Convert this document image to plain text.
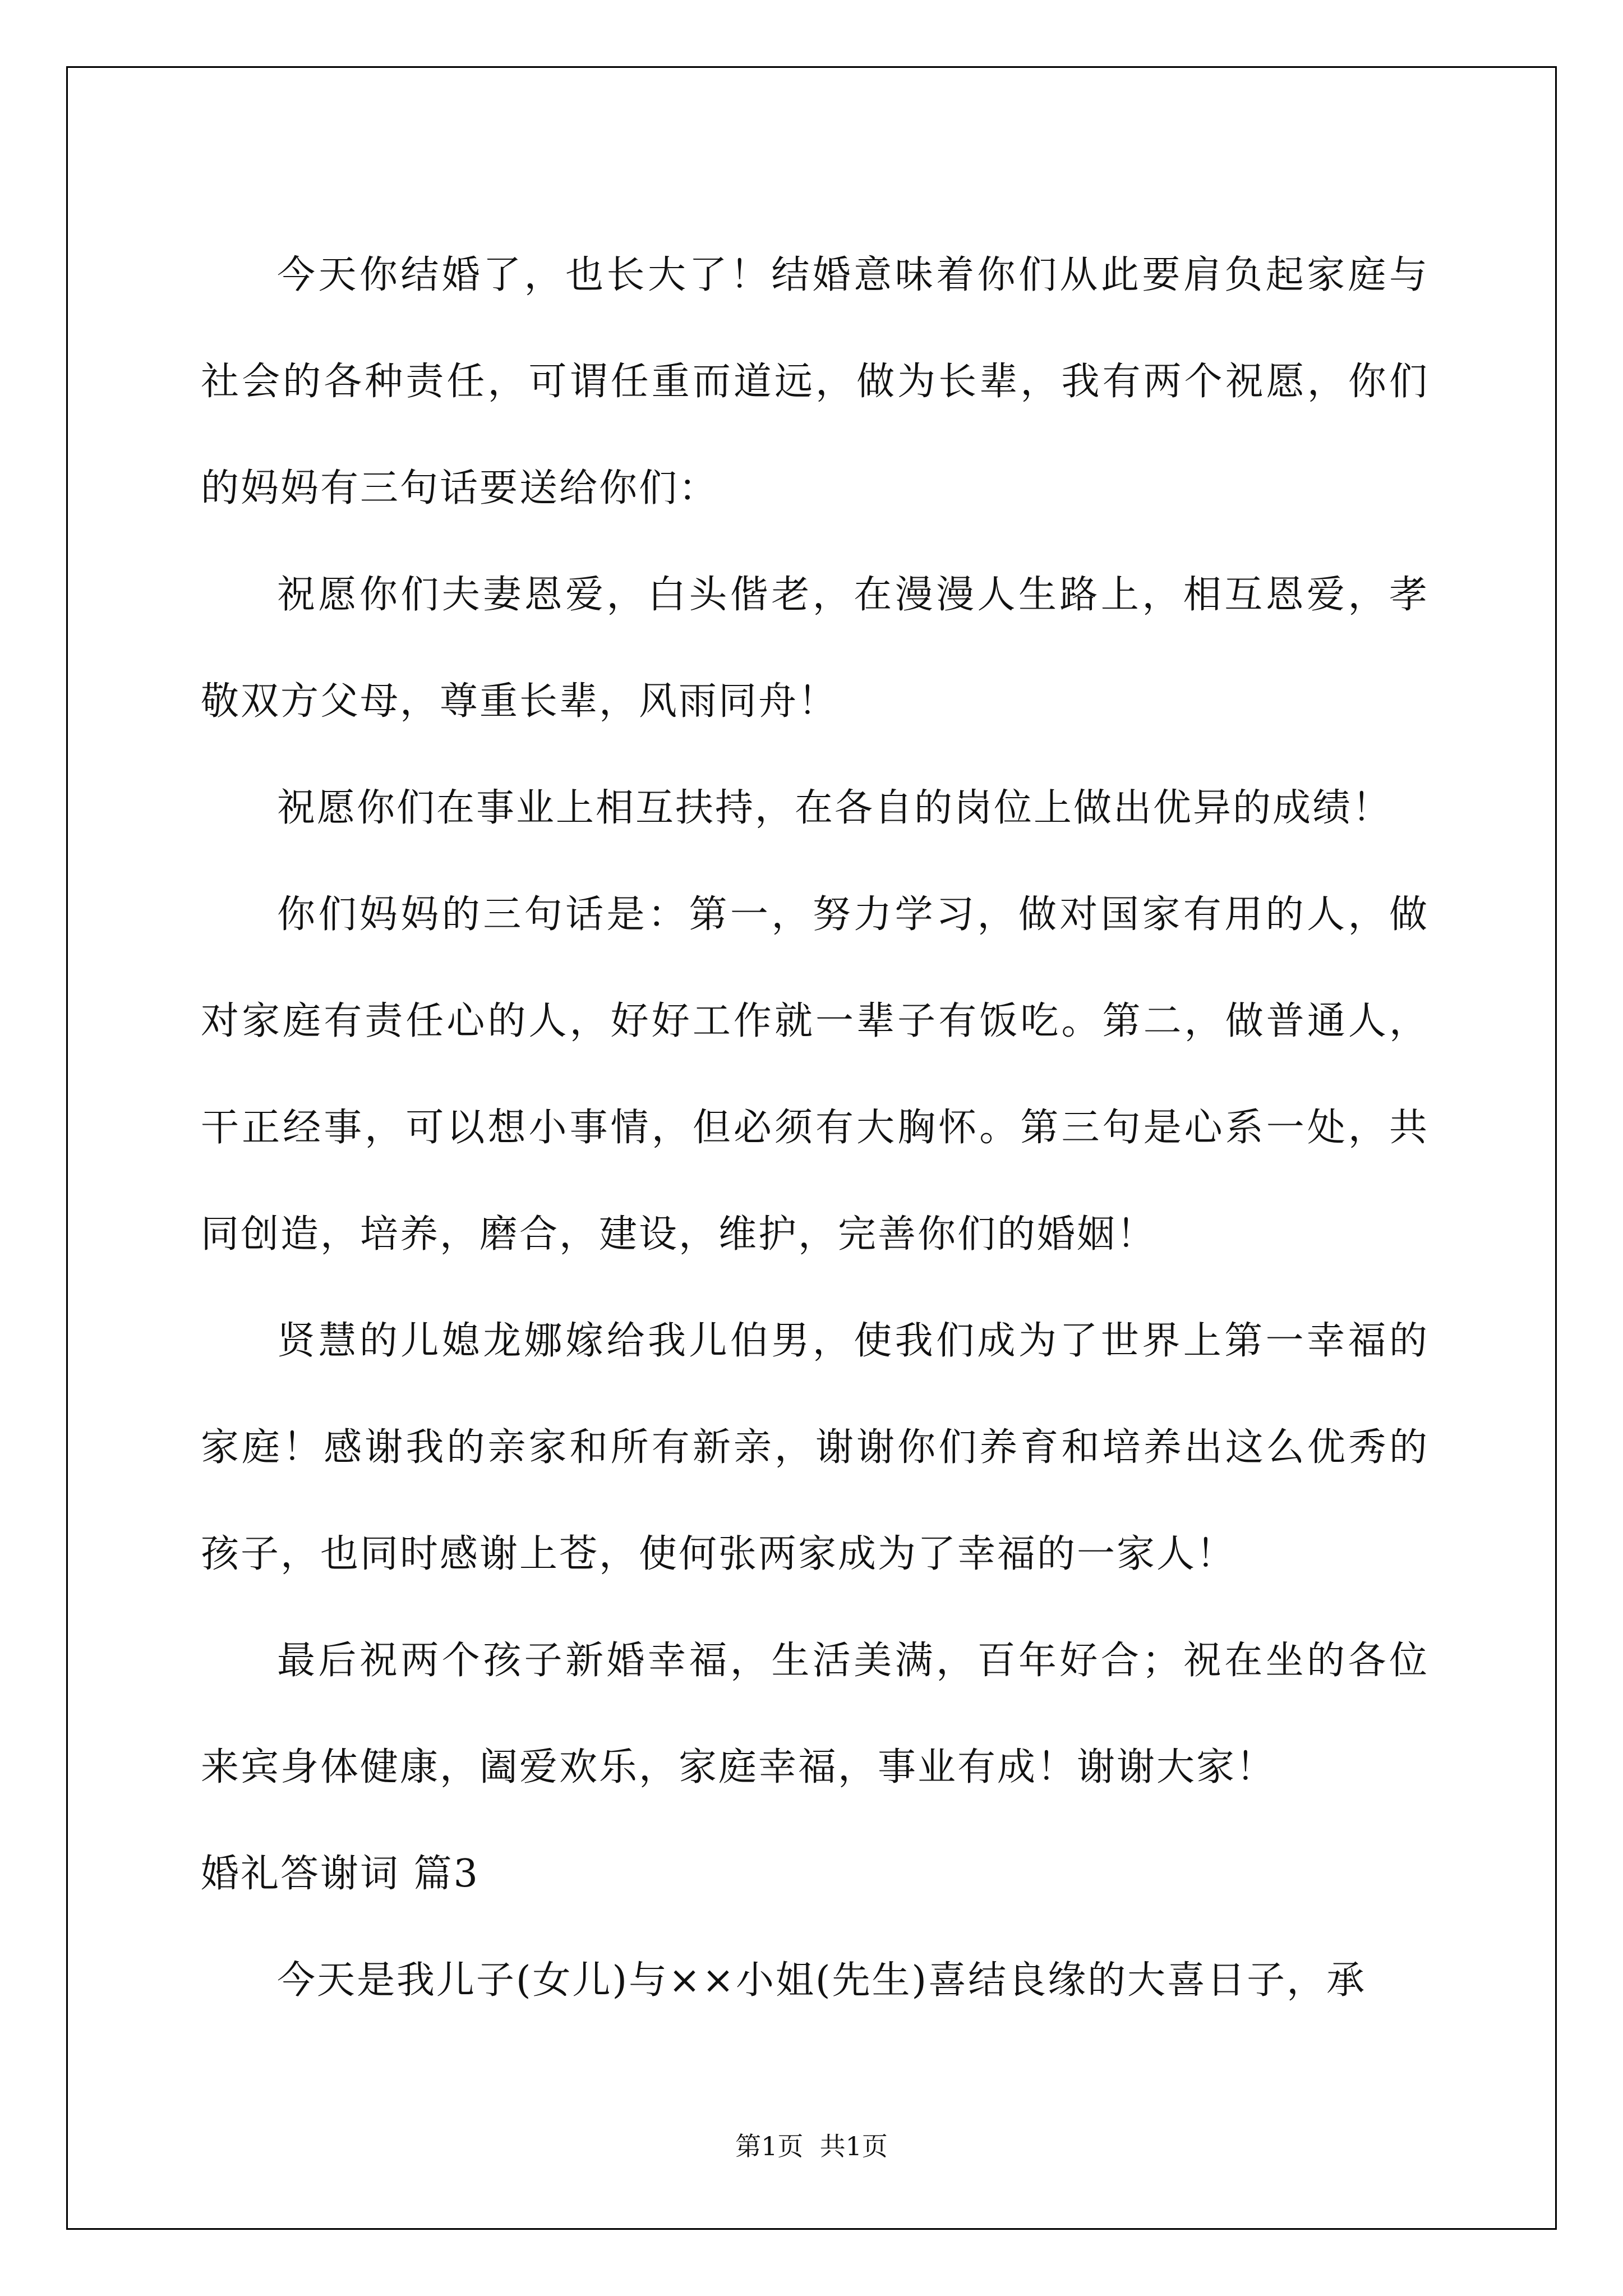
今天你结婚了，也长大了！结婚意味着你们从此要肩负起家庭与社会的各种责任，可谓任重而道远，做为长辈，我有两个祝愿，你们的妈妈有三句话要送给你们：

祝愿你们夫妻恩爱，白头偕老，在漫漫人生路上，相互恩爱，孝敬双方父母，尊重长辈，风雨同舟！

祝愿你们在事业上相互扶持，在各自的岗位上做出优异的成绩！

你们妈妈的三句话是：第一，努力学习，做对国家有用的人，做对家庭有责任心的人，好好工作就一辈子有饭吃。第二，做普通人，干正经事，可以想小事情，但必须有大胸怀。第三句是心系一处，共同创造，培养，磨合，建设，维护，完善你们的婚姻！

贤慧的儿媳龙娜嫁给我儿伯男，使我们成为了世界上第一幸福的家庭！感谢我的亲家和所有新亲，谢谢你们养育和培养出这么优秀的孩子，也同时感谢上苍，使何张两家成为了幸福的一家人！

最后祝两个孩子新婚幸福，生活美满，百年好合；祝在坐的各位来宾身体健康，阖爱欢乐，家庭幸福，事业有成！谢谢大家！

婚礼答谢词 篇3

今天是我儿子(女儿)与××小姐(先生)喜结良缘的大喜日子，承

第1页  共1页
